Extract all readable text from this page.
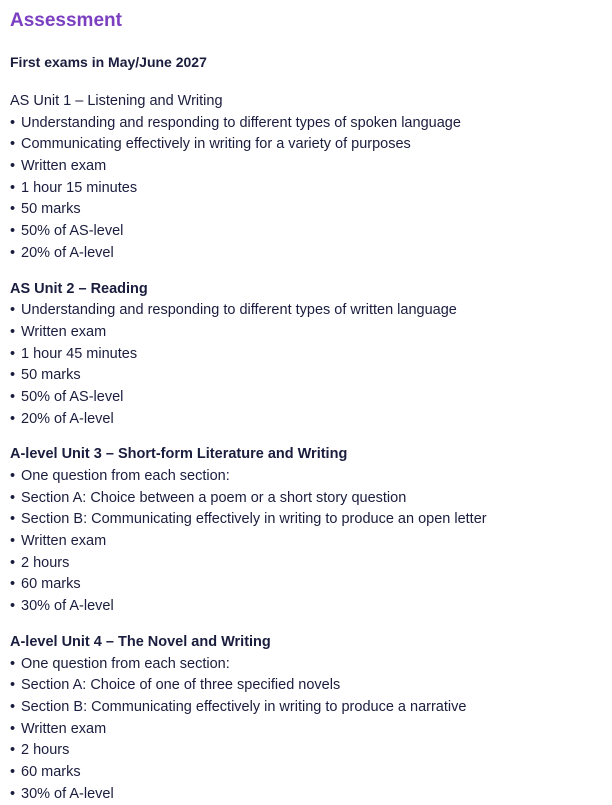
Assessment
First exams in May/June 2027
AS Unit 1 – Listening and Writing
• Understanding and responding to different types of spoken language
• Communicating effectively in writing for a variety of purposes
• Written exam
• 1 hour 15 minutes
• 50 marks
• 50% of AS-level
• 20% of A-level
AS Unit 2 – Reading
• Understanding and responding to different types of written language
• Written exam
• 1 hour 45 minutes
• 50 marks
• 50% of AS-level
• 20% of A-level
A-level Unit 3 – Short-form Literature and Writing
• One question from each section:
• Section A: Choice between a poem or a short story question
• Section B: Communicating effectively in writing to produce an open letter
• Written exam
• 2 hours
• 60 marks
• 30% of A-level
A-level Unit 4 – The Novel and Writing
• One question from each section:
• Section A: Choice of one of three specified novels
• Section B: Communicating effectively in writing to produce a narrative
• Written exam
• 2 hours
• 60 marks
• 30% of A-level
